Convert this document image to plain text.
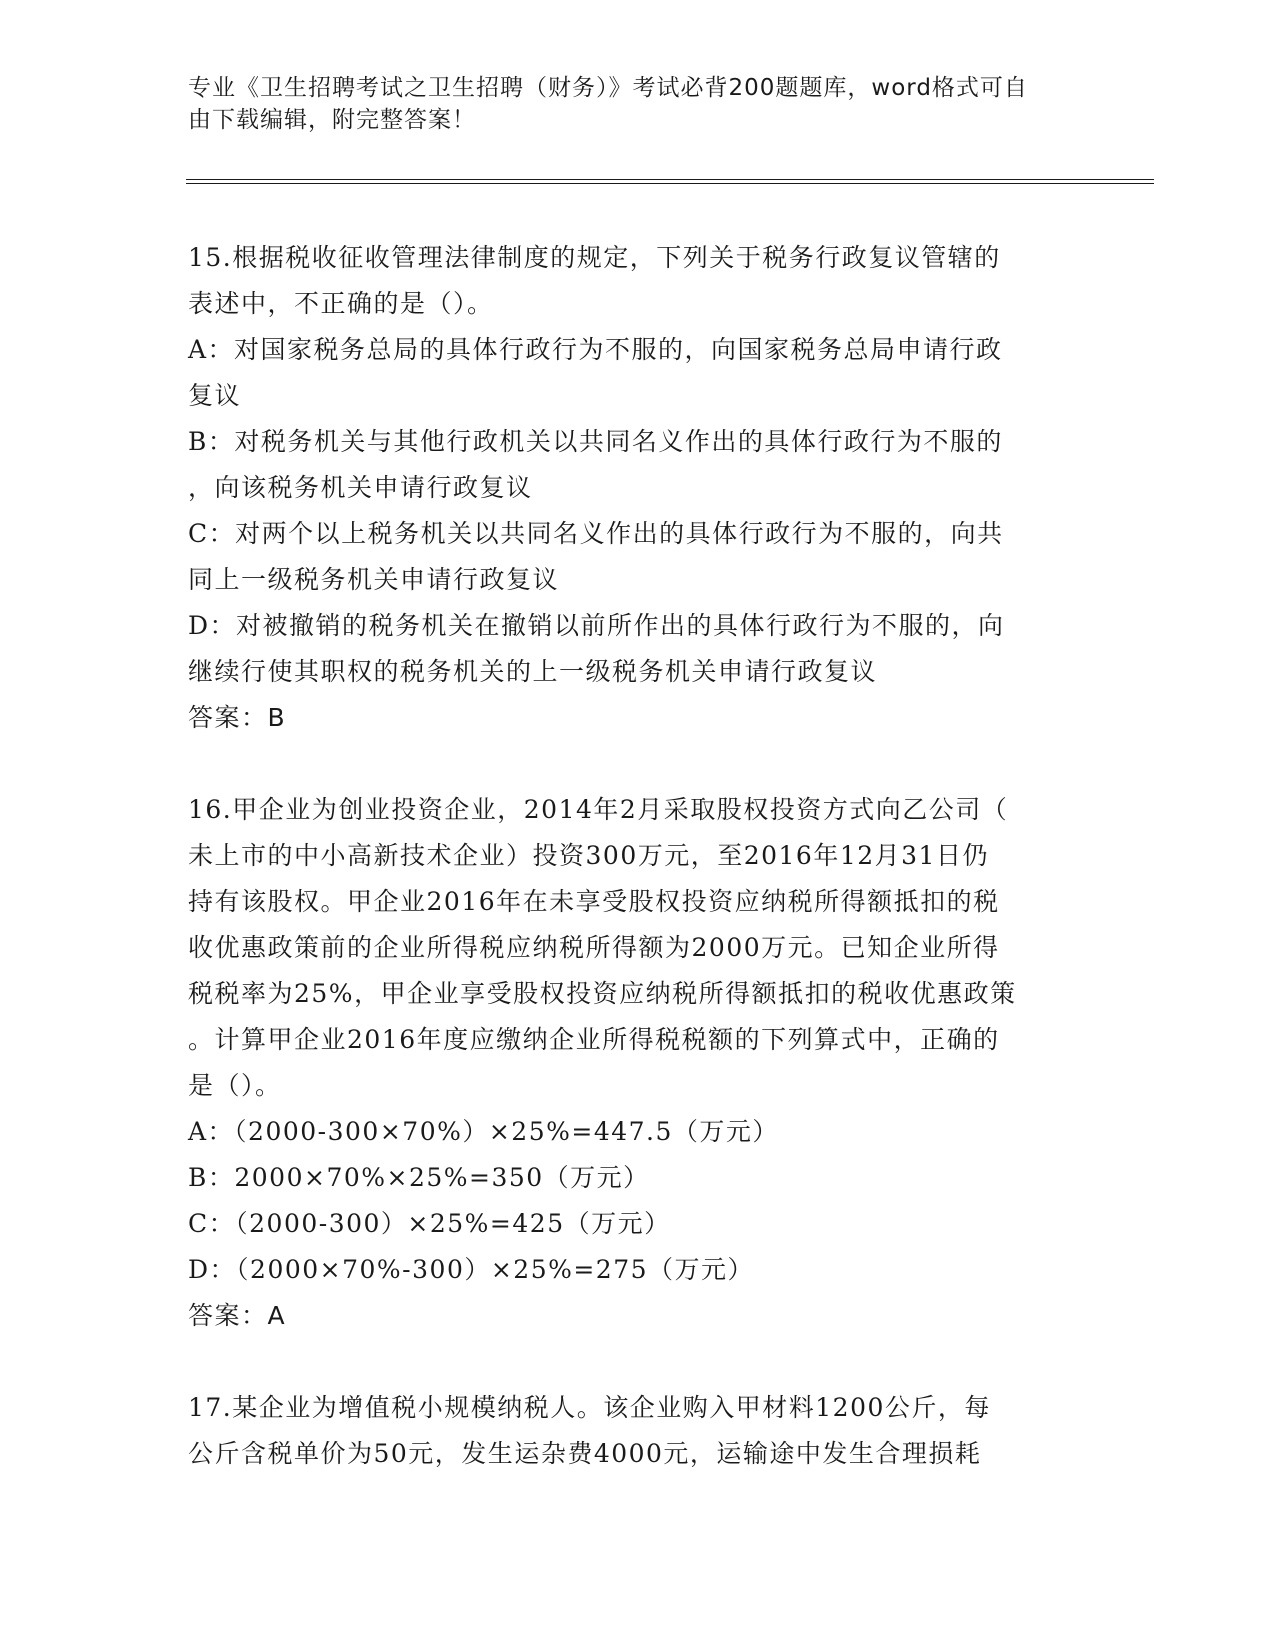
专业《卫生招聘考试之卫生招聘（财务）》考试必背200题题库，word格式可自
由下载编辑，附完整答案！

15.根据税收征收管理法律制度的规定，下列关于税务行政复议管辖的

表述中，不正确的是（）。

A：对国家税务总局的具体行政行为不服的，向国家税务总局申请行政

复议

B：对税务机关与其他行政机关以共同名义作出的具体行政行为不服的

，向该税务机关申请行政复议

C：对两个以上税务机关以共同名义作出的具体行政行为不服的，向共

同上一级税务机关申请行政复议

D：对被撤销的税务机关在撤销以前所作出的具体行政行为不服的，向

继续行使其职权的税务机关的上一级税务机关申请行政复议

答案：B

16.甲企业为创业投资企业，2014年2月采取股权投资方式向乙公司（

未上市的中小高新技术企业）投资300万元，至2016年12月31日仍

持有该股权。甲企业2016年在未享受股权投资应纳税所得额抵扣的税

收优惠政策前的企业所得税应纳税所得额为2000万元。已知企业所得

税税率为25%，甲企业享受股权投资应纳税所得额抵扣的税收优惠政策

。计算甲企业2016年度应缴纳企业所得税税额的下列算式中，正确的

是（）。

A：（2000-300×70%）×25%=447.5（万元）

B：2000×70%×25%=350（万元）

C：（2000-300）×25%=425（万元）

D：（2000×70%-300）×25%=275（万元）

答案：A

17.某企业为增值税小规模纳税人。该企业购入甲材料1200公斤，每

公斤含税单价为50元，发生运杂费4000元，运输途中发生合理损耗
